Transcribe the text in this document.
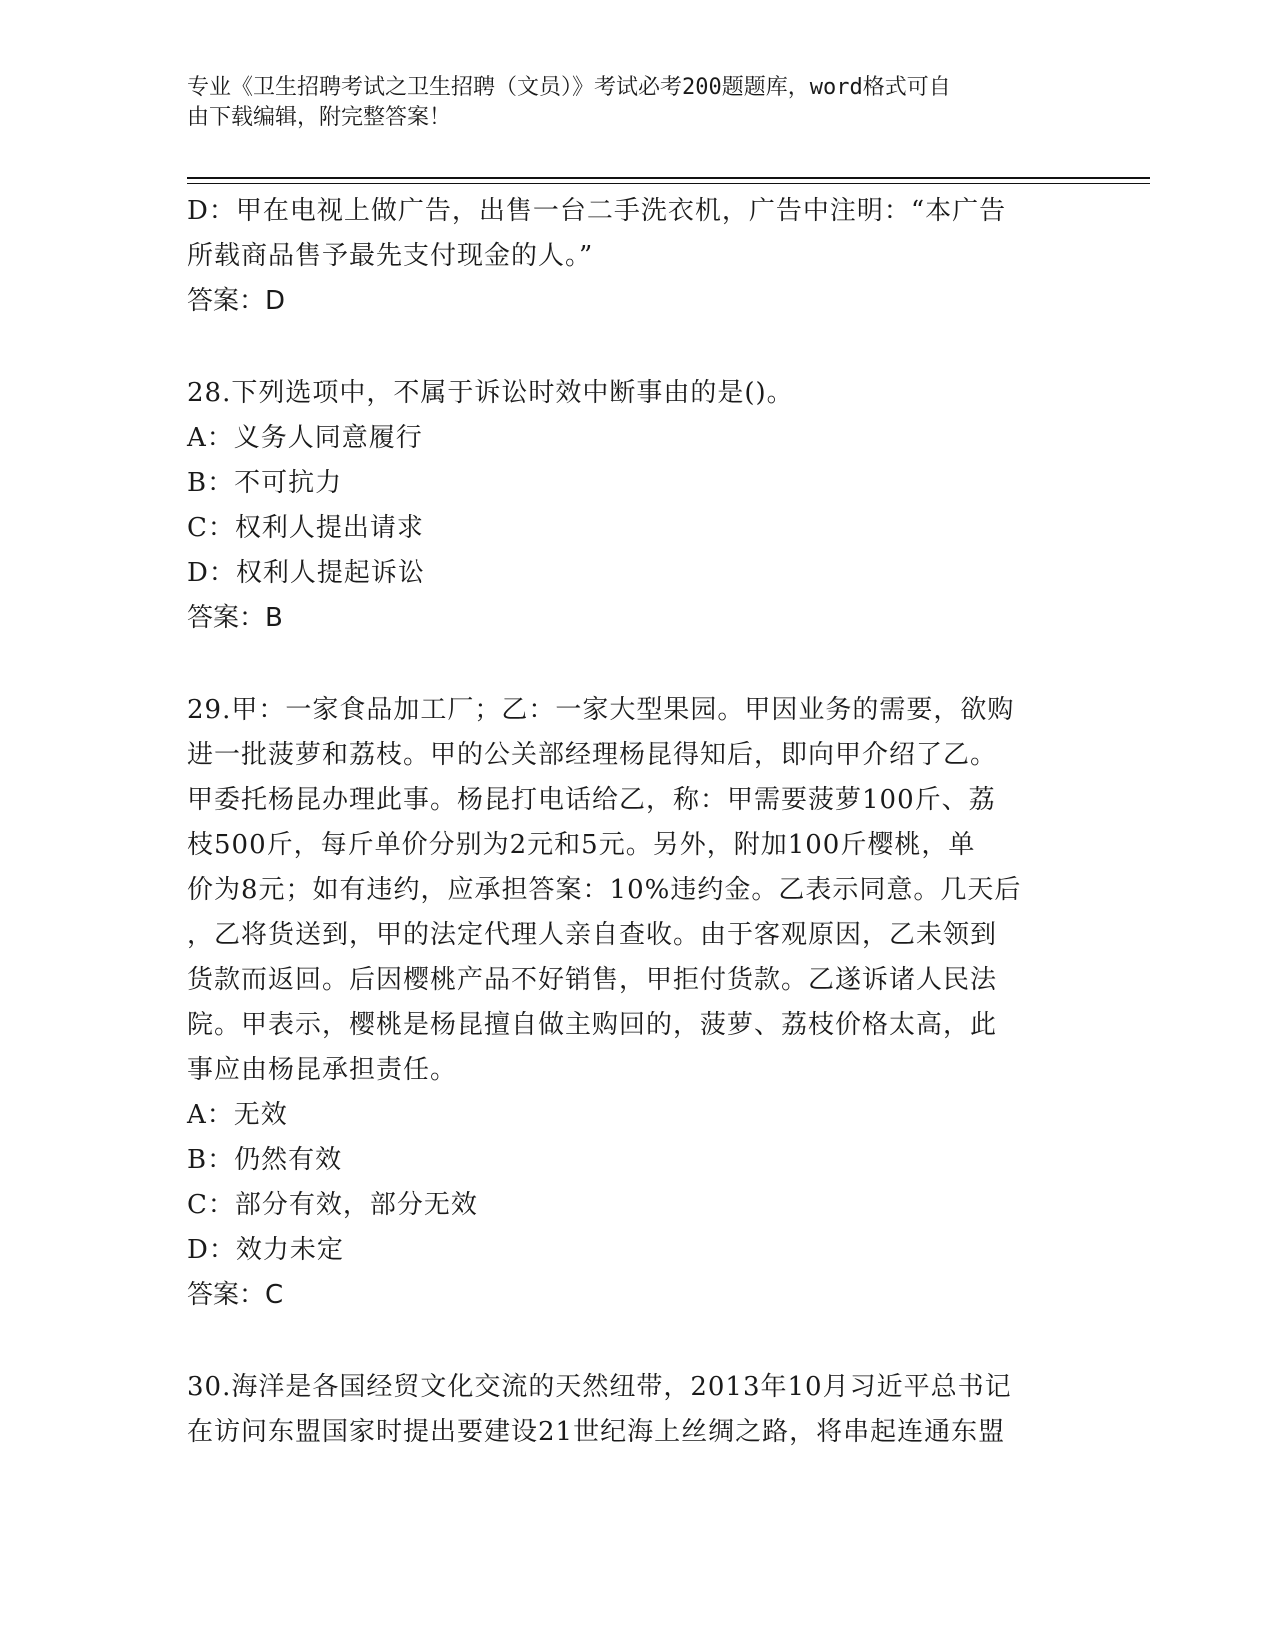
专业《卫生招聘考试之卫生招聘（文员）》考试必考200题题库，word格式可自
由下载编辑，附完整答案！
D：甲在电视上做广告，出售一台二手洗衣机，广告中注明：“本广告
所载商品售予最先支付现金的人。”
答案：D
28.下列选项中，不属于诉讼时效中断事由的是()。
A：义务人同意履行
B：不可抗力
C：权利人提出请求
D：权利人提起诉讼
答案：B
29.甲：一家食品加工厂；乙：一家大型果园。甲因业务的需要，欲购
进一批菠萝和荔枝。甲的公关部经理杨昆得知后，即向甲介绍了乙。
甲委托杨昆办理此事。杨昆打电话给乙，称：甲需要菠萝100斤、荔
枝500斤，每斤单价分别为2元和5元。另外，附加100斤樱桃，单
价为8元；如有违约，应承担答案：10%违约金。乙表示同意。几天后
，乙将货送到，甲的法定代理人亲自查收。由于客观原因，乙未领到
货款而返回。后因樱桃产品不好销售，甲拒付货款。乙遂诉诸人民法
院。甲表示，樱桃是杨昆擅自做主购回的，菠萝、荔枝价格太高，此
事应由杨昆承担责任。
A：无效
B：仍然有效
C：部分有效，部分无效
D：效力未定
答案：C
30.海洋是各国经贸文化交流的天然纽带，2013年10月习近平总书记
在访问东盟国家时提出要建设21世纪海上丝绸之路，将串起连通东盟
